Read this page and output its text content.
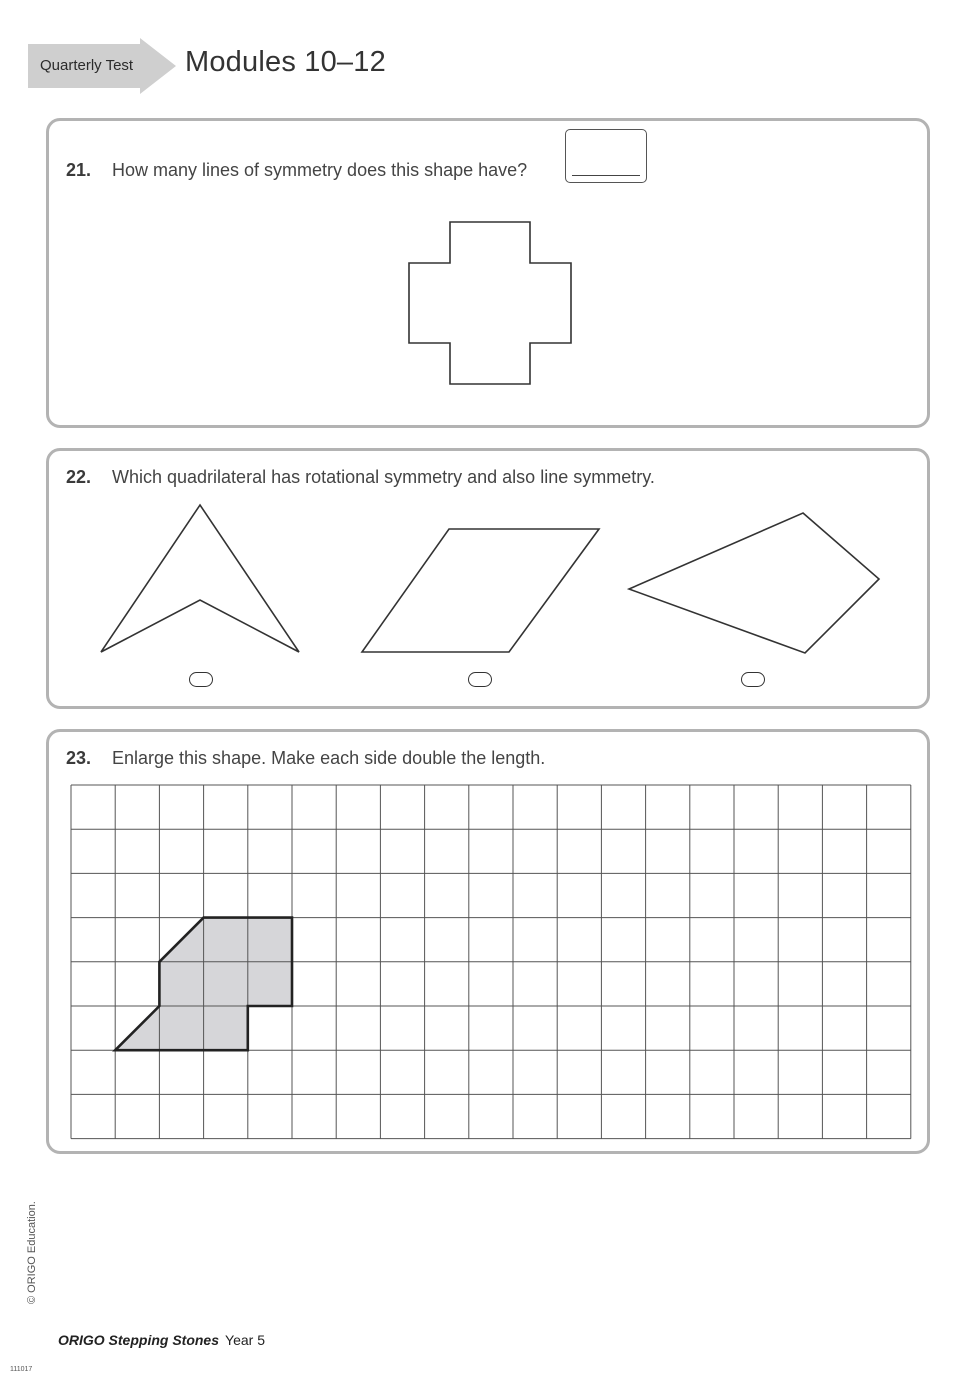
Quarterly Test Modules 10–12
21. How many lines of symmetry does this shape have?
22. Which quadrilateral has rotational symmetry and also line symmetry.
23. Enlarge this shape. Make each side double the length.
© ORIGO Education.
ORIGO Stepping Stones Year 5
111017
